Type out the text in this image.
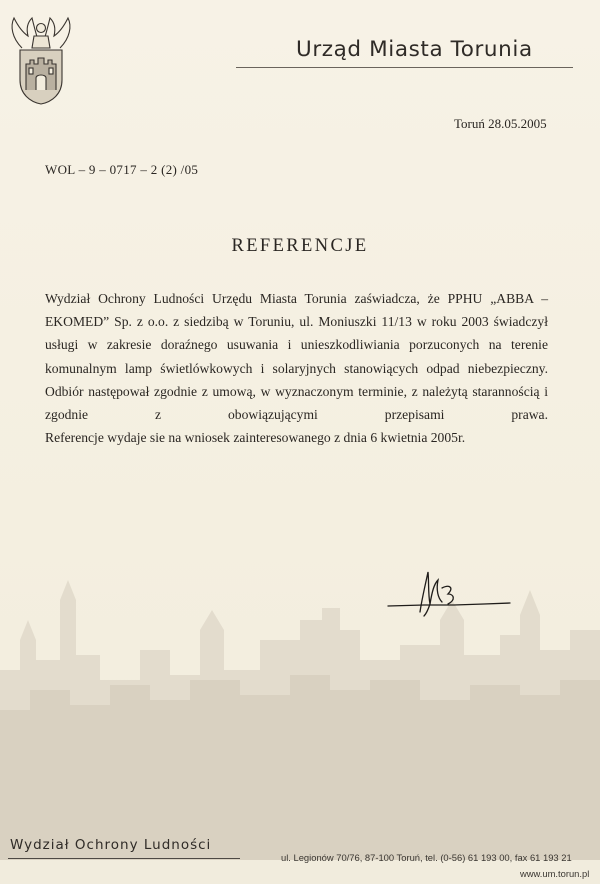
Urząd Miasta Torunia
Toruń 28.05.2005
WOL – 9 – 0717 – 2 (2) /05
REFERENCJE

Wydział Ochrony Ludności Urzędu Miasta Torunia zaświadcza, że PPHU „ABBA – EKOMED” Sp. z o.o. z siedzibą w Toruniu, ul. Moniuszki 11/13 w roku 2003 świadczył usługi w zakresie doraźnego usuwania i unieszkodliwiania porzuconych na terenie komunalnym lamp świetlówkowych i solaryjnych stanowiących odpad niebezpieczny.

Odbiór następował zgodnie z umową, w wyznaczonym terminie, z należytą starannością i zgodnie z obowiązującymi przepisami prawa.

Referencje wydaje sie na wniosek zainteresowanego z dnia 6 kwietnia 2005r.

Wydział Ochrony Ludności
ul. Legionów 70/76, 87-100 Toruń, tel. (0-56) 61 193 00, fax 61 193 21
www.um.torun.pl
